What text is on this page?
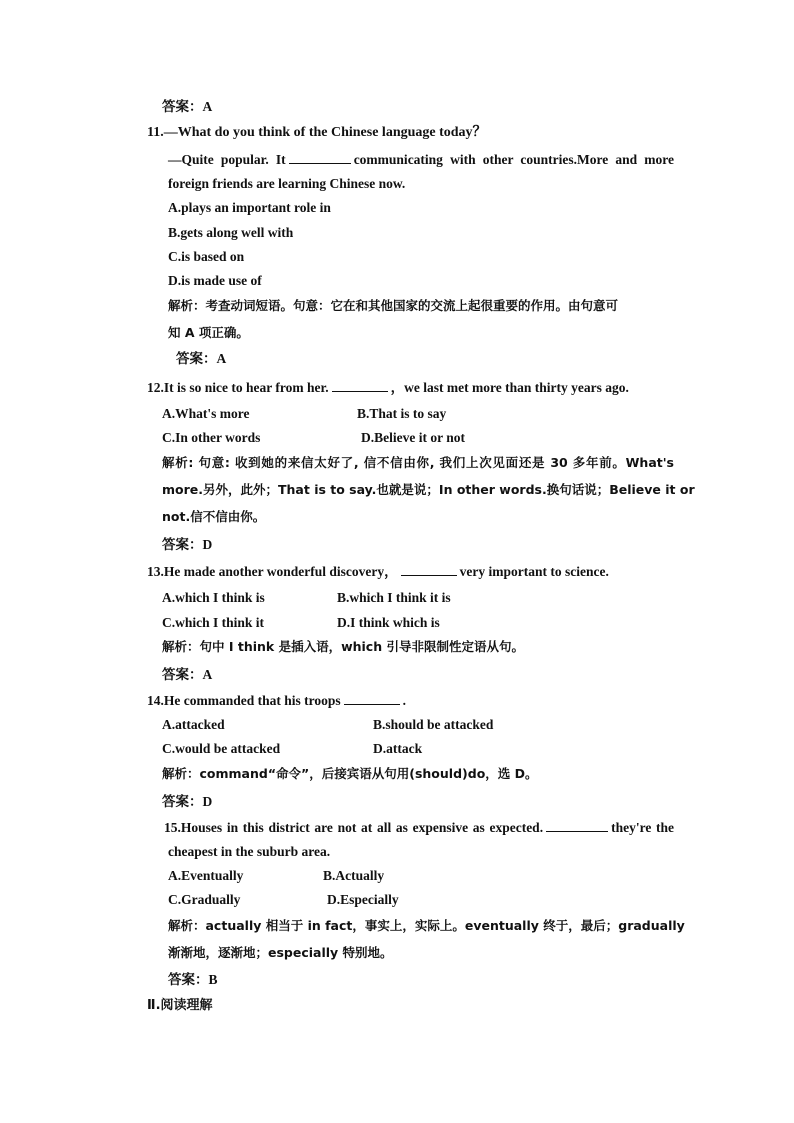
答案：A
11.—What do you think of the Chinese language today？
—Quite popular. It	communicating with other countries.More and more
foreign friends are learning Chinese now.
A.plays an important role in
B.gets along well with
C.is based on
D.is made use of
解析：考查动词短语。句意：它在和其他国家的交流上起很重要的作用。由句意可
知 A 项正确。
答案：A
12.It is so nice to hear from her.	，we last met more than thirty years ago.
A.What's more	B.That is to say
C.In other words	D.Believe it or not
解析: 句意: 收到她的来信太好了, 信不信由你, 我们上次见面还是 30 多年前。What's
more.另外，此外；That is to say.也就是说；In other words.换句话说；Believe it or
not.信不信由你。
答案：D
13.He made another wonderful discovery，	very important to science.
A.which I think is	B.which I think it is
C.which I think it	D.I think which is
解析：句中 I think 是插入语，which 引导非限制性定语从句。
答案：A
14.He commanded that his troops	.
A.attacked	B.should be attacked
C.would be attacked	D.attack
解析：command“命令”，后接宾语从句用(should)do，选 D。
答案：D
15.Houses in this district are not at all as expensive as expected.	they're the
cheapest in the suburb area.
A.Eventually	B.Actually
C.Gradually	D.Especially
解析：actually 相当于 in fact，事实上，实际上。eventually 终于，最后；gradually
渐渐地，逐渐地；especially 特别地。
答案：B
Ⅱ.阅读理解
